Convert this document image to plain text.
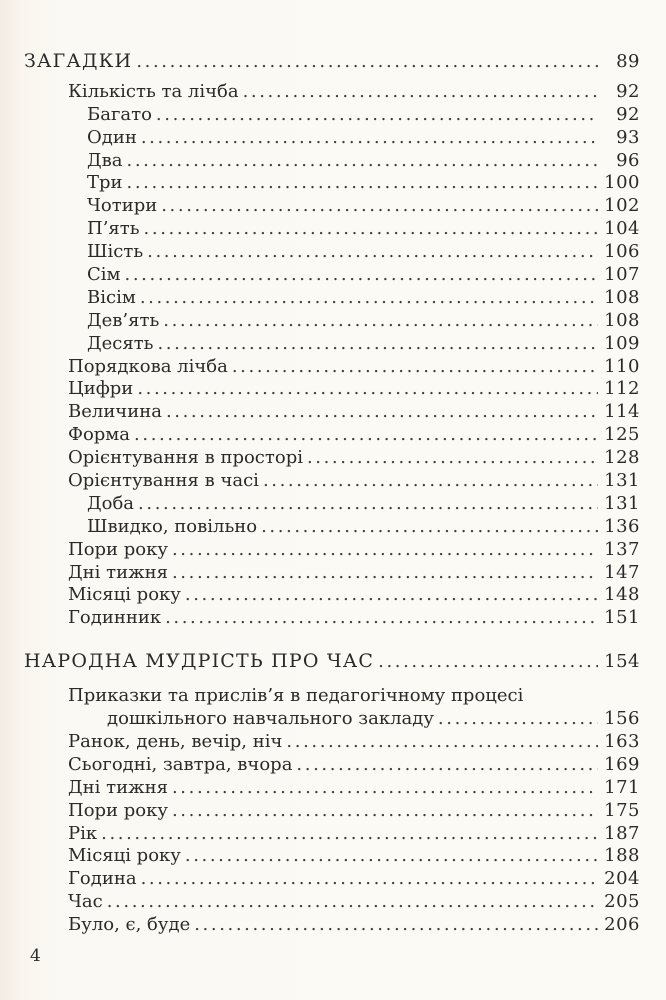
ЗАГАДКИ .....	89
Кількість та лічба .....	92
Багато .....	92
Один .....	93
Два .....	96
Три .....	100
Чотири .....	102
П’ять .....	104
Шість .....	106
Сім .....	107
Вісім .....	108
Дев’ять .....	108
Десять .....	109
Порядкова лічба .....	110
Цифри .....	112
Величина .....	114
Форма .....	125
Орієнтування в просторі .....	128
Орієнтування в часі .....	131
Доба .....	131
Швидко, повільно .....	136
Пори року .....	137
Дні тижня .....	147
Місяці року .....	148
Годинник .....	151
НАРОДНА МУДРІСТЬ ПРО ЧАС .....	154
Приказки та прислів’я в педагогічному процесі
дошкільного навчального закладу .....	156
Ранок, день, вечір, ніч .....	163
Сьогодні, завтра, вчора .....	169
Дні тижня .....	171
Пори року .....	175
Рік .....	187
Місяці року .....	188
Година .....	204
Час .....	205
Було, є, буде .....	206
4
